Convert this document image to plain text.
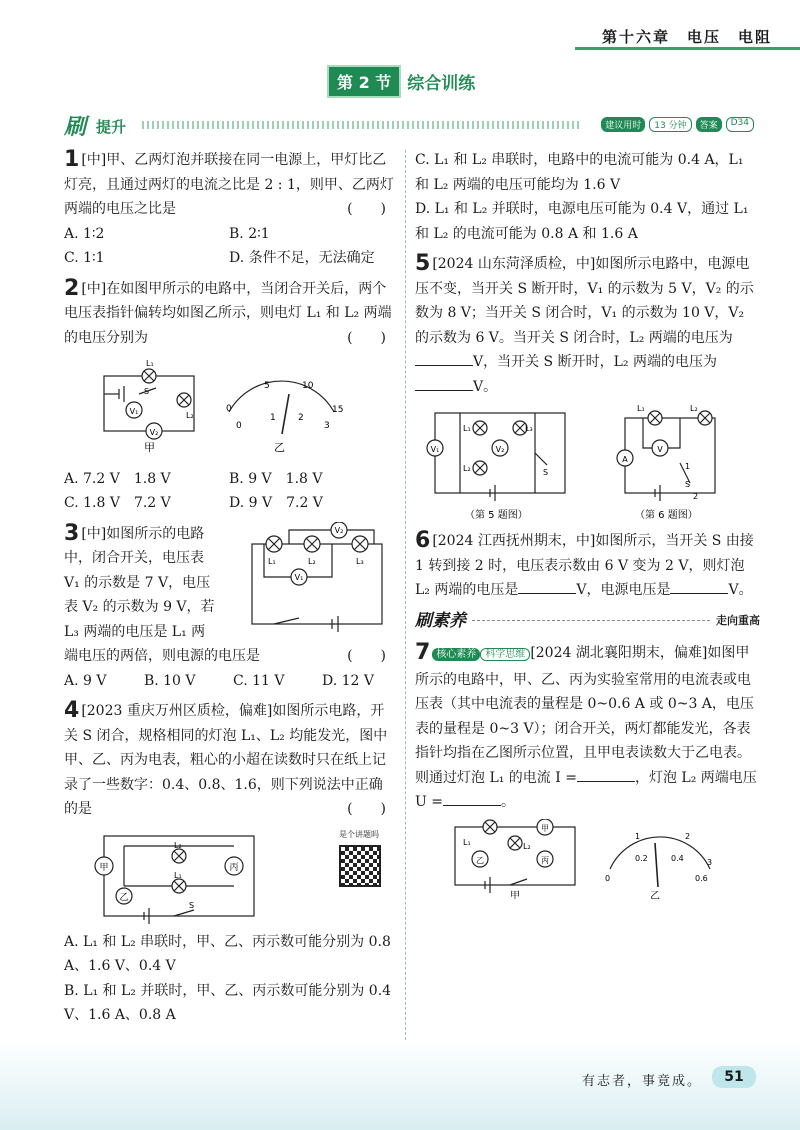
第十六章　电压　电阻
第 2 节 综合训练
刷 提升	建议用时	13 分钟	答案	D34
1 [中]甲、乙两灯泡并联接在同一电源上，甲灯比乙灯亮，且通过两灯的电流之比是 2 : 1，则甲、乙两灯两端的电压之比是	(　　)
A. 1∶2	B. 2∶1
C. 1∶1	D. 条件不足，无法确定
2 [中]在如图甲所示的电路中，当闭合开关后，两个电压表指针偏转均如图乙所示，则电灯 L₁ 和 L₂ 两端的电压分别为	(　　)
V₁
V₂
L₁
L₂
S
甲
0
5	10
15
0
1 2
3
乙
A. 7.2 V　1.8 V	B. 9 V　1.8 V
C. 1.8 V　7.2 V	D. 9 V　7.2 V
V₂
V₁
L₁	L₂	L₃
3 [中]如图所示的电路
中，闭合开关，电压表
V₁ 的示数是 7 V，电压
表 V₂ 的示数为 9 V，若
L₃ 两端的电压是 L₁ 两
端电压的两倍，则电源的电压是	(　　)
A. 9 V	B. 10 V	C. 11 V	D. 12 V
4 [2023 重庆万州区质检，偏难]如图所示电路，开关 S 闭合，规格相同的灯泡 L₁、L₂ 均能发光，图中甲、乙、丙为电表，粗心的小超在读数时只在纸上记录了一些数字：0.4、0.8、1.6，则下列说法中正确的是	(　　)
甲	丙
乙
L₂
L₁
S
是个讲题吗
A. L₁ 和 L₂ 串联时，甲、乙、丙示数可能分别为 0.8 A、1.6 V、0.4 V
B. L₁ 和 L₂ 并联时，甲、乙、丙示数可能分别为 0.4 V、1.6 A、0.8 A
C. L₁ 和 L₂ 串联时，电路中的电流可能为 0.4 A，L₁ 和 L₂ 两端的电压可能均为 1.6 V
D. L₁ 和 L₂ 并联时，电源电压可能为 0.4 V，通过 L₁ 和 L₂ 的电流可能为 0.8 A 和 1.6 A
5 [2024 山东菏泽质检，中]如图所示电路中，电源电压不变，当开关 S 断开时，V₁ 的示数为 5 V，V₂ 的示数为 8 V；当开关 S 闭合时，V₁ 的示数为 10 V，V₂ 的示数为 6 V。当开关 S 闭合时，L₂ 两端的电压为V，当开关 S 断开时，L₂ 两端的电压为V。
V₁	V₂
L₁	L₃
L₂	S
A
V
L₁	L₂
1
S
2
（第 5 题图）	（第 6 题图）
6 [2024 江西抚州期末，中]如图所示，当开关 S 由接 1 转到接 2 时，电压表示数由 6 V 变为 2 V，则灯泡 L₂ 两端的电压是	V，电源电压是	V。
刷素养	走向重高
7 核心素养 科学思维 [2024 湖北襄阳期末，偏难]如图甲所示的电路中，甲、乙、丙为实验室常用的电流表或电压表（其中电流表的量程是 0~0.6 A 或 0~3 A，电压表的量程是 0~3 V）；闭合开关，两灯都能发光，各表指针均指在乙图所示位置，且甲电表读数大于乙电表。则通过灯泡 L₁ 的电流 I =	，灯泡 L₂ 两端电压 U =	。
甲
乙	丙
L₁	L₂
甲
1	2
3
0
0.2	0.4
0.6
乙
有志者，事竟成。	51
